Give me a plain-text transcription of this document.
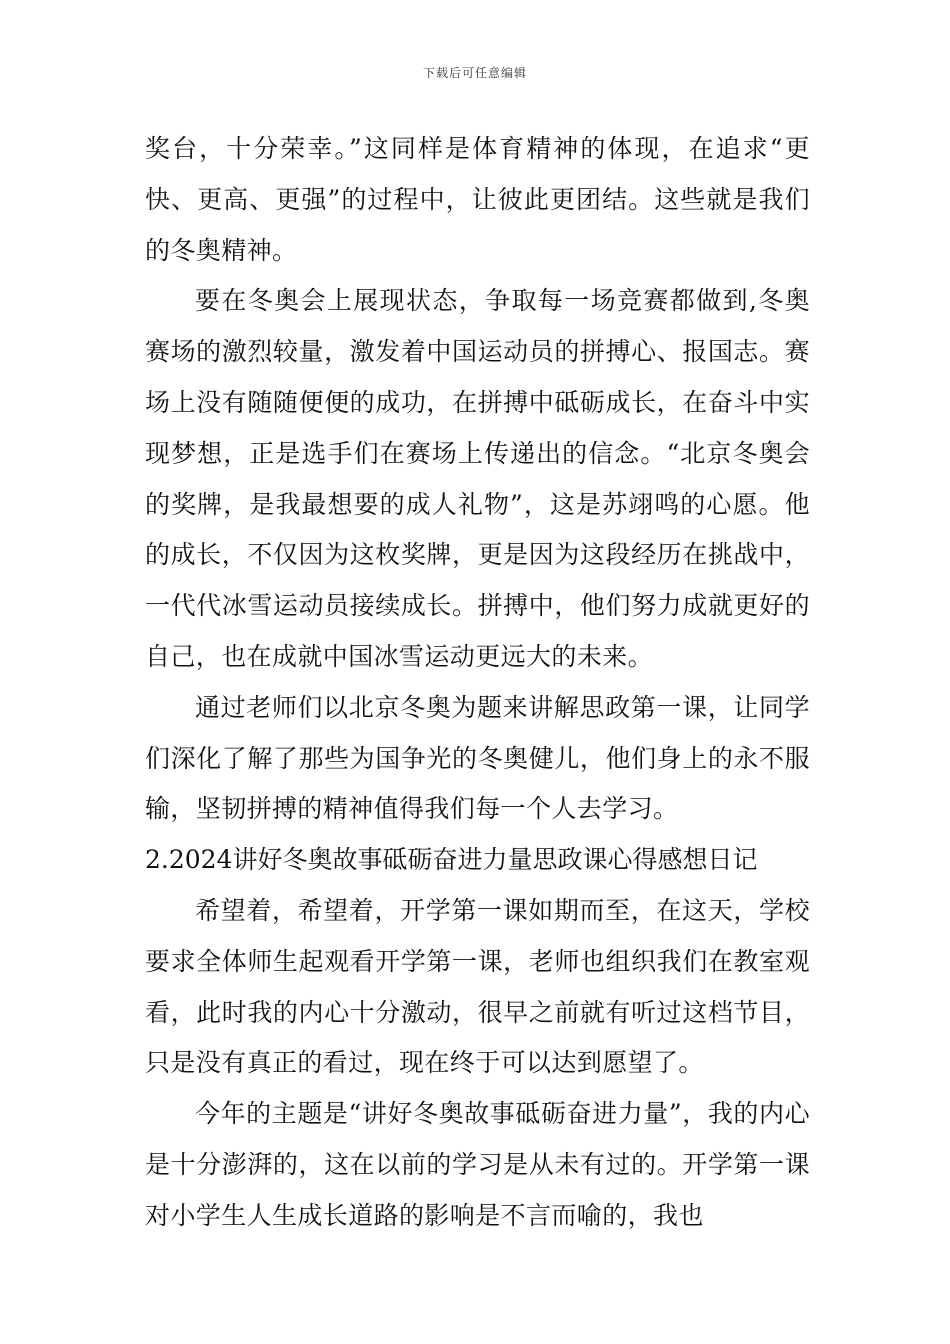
下载后可任意编辑

奖台，十分荣幸。”这同样是体育精神的体现，在追求“更快、更高、更强”的过程中，让彼此更团结。这些就是我们的冬奥精神。

要在冬奥会上展现状态，争取每一场竞赛都做到,冬奥赛场的激烈较量，激发着中国运动员的拼搏心、报国志。赛场上没有随随便便的成功，在拼搏中砥砺成长，在奋斗中实现梦想，正是选手们在赛场上传递出的信念。“北京冬奥会的奖牌，是我最想要的成人礼物”，这是苏翊鸣的心愿。他的成长，不仅因为这枚奖牌，更是因为这段经历在挑战中，一代代冰雪运动员接续成长。拼搏中，他们努力成就更好的自己，也在成就中国冰雪运动更远大的未来。

通过老师们以北京冬奥为题来讲解思政第一课，让同学们深化了解了那些为国争光的冬奥健儿，他们身上的永不服输，坚韧拼搏的精神值得我们每一个人去学习。

2.2024讲好冬奥故事砥砺奋进力量思政课心得感想日记

希望着，希望着，开学第一课如期而至，在这天，学校要求全体师生起观看开学第一课，老师也组织我们在教室观看，此时我的内心十分激动，很早之前就有听过这档节目，只是没有真正的看过，现在终于可以达到愿望了。

今年的主题是“讲好冬奥故事砥砺奋进力量”，我的内心是十分澎湃的，这在以前的学习是从未有过的。开学第一课对小学生人生成长道路的影响是不言而喻的，我也
